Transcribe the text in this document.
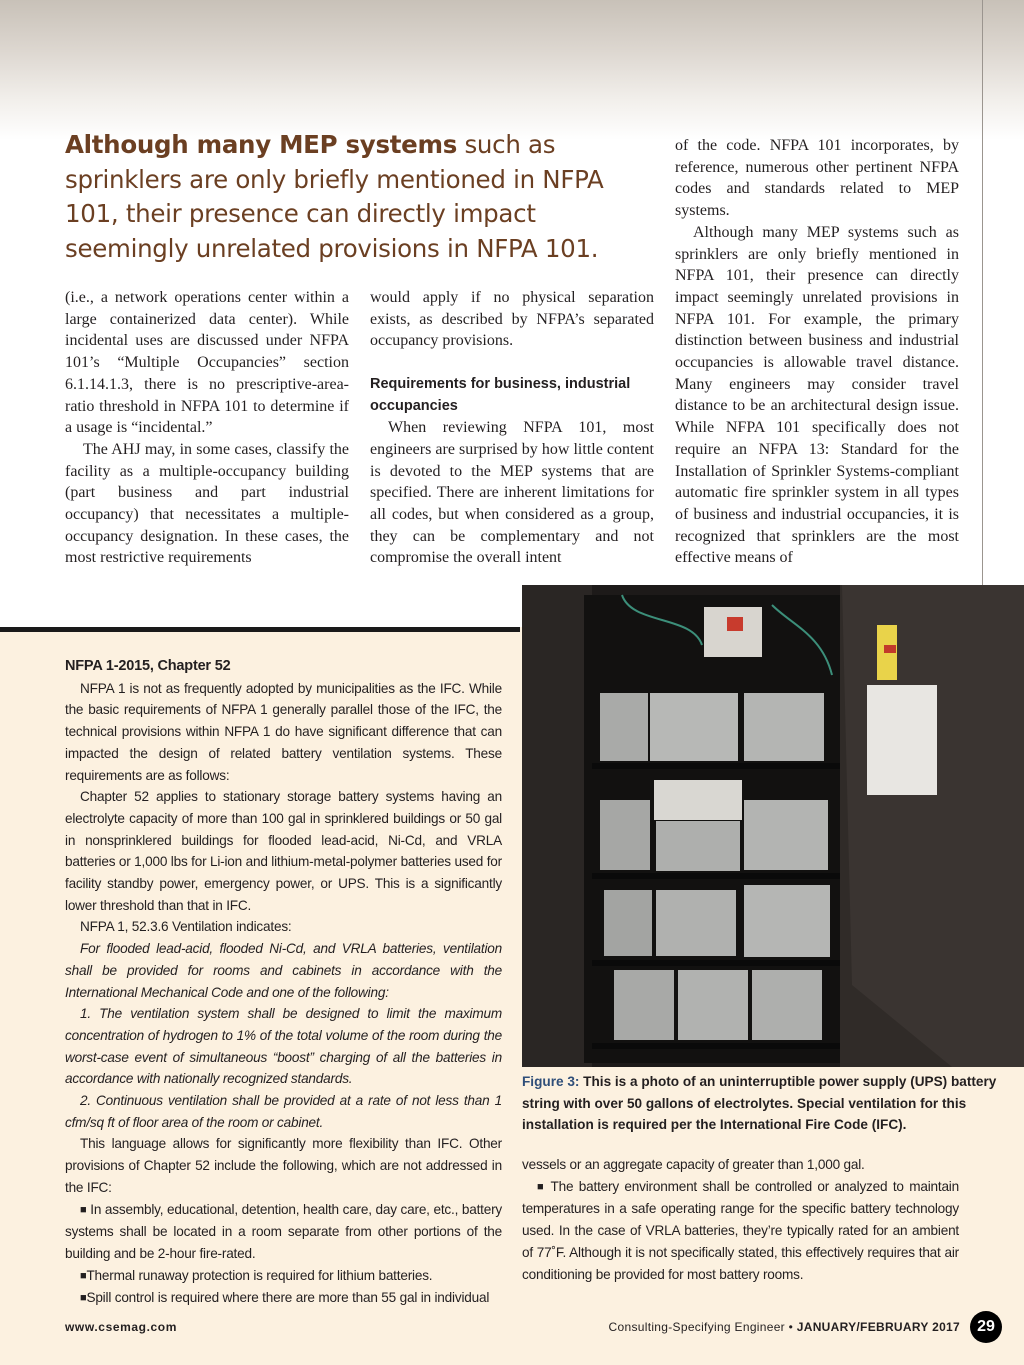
Although many MEP systems such as sprinklers are only briefly mentioned in NFPA 101, their presence can directly impact seemingly unrelated provisions in NFPA 101.

(i.e., a network operations center within a large containerized data center). While incidental uses are discussed under NFPA 101’s “Multiple Occupancies” section 6.1.14.1.3, there is no prescriptive-area-ratio threshold in NFPA 101 to determine if a usage is “incidental.”

The AHJ may, in some cases, classify the facility as a multiple-occupancy building (part business and part industrial occupancy) that necessitates a multiple-occupancy designation. In these cases, the most restrictive requirements

would apply if no physical separation exists, as described by NFPA’s separated occupancy provisions.

Requirements for business, industrial occupancies

When reviewing NFPA 101, most engineers are surprised by how little content is devoted to the MEP systems that are specified. There are inherent limitations for all codes, but when considered as a group, they can be complementary and not compromise the overall intent

of the code. NFPA 101 incorporates, by reference, numerous other pertinent NFPA codes and standards related to MEP systems.

Although many MEP systems such as sprinklers are only briefly mentioned in NFPA 101, their presence can directly impact seemingly unrelated provisions in NFPA 101. For example, the primary distinction between business and industrial occupancies is allowable travel distance. Many engineers may consider travel distance to be an architectural design issue. While NFPA 101 specifically does not require an NFPA 13: Standard for the Installation of Sprinkler Systems-compliant automatic fire sprinkler system in all types of business and industrial occupancies, it is recognized that sprinklers are the most effective means of

NFPA 1-2015, Chapter 52

NFPA 1 is not as frequently adopted by municipalities as the IFC. While the basic requirements of NFPA 1 generally parallel those of the IFC, the technical provisions within NFPA 1 do have significant difference that can impacted the design of related battery ventilation systems. These requirements are as follows:

Chapter 52 applies to stationary storage battery systems having an electrolyte capacity of more than 100 gal in sprinklered buildings or 50 gal in nonsprinklered buildings for flooded lead-acid, Ni-Cd, and VRLA batteries or 1,000 lbs for Li-ion and lithium-metal-polymer batteries used for facility standby power, emergency power, or UPS. This is a significantly lower threshold than that in IFC.

NFPA 1, 52.3.6 Ventilation indicates:

For flooded lead-acid, flooded Ni-Cd, and VRLA batteries, ventilation shall be provided for rooms and cabinets in accordance with the International Mechanical Code and one of the following:

1. The ventilation system shall be designed to limit the maximum concentration of hydrogen to 1% of the total volume of the room during the worst-case event of simultaneous “boost” charging of all the batteries in accordance with nationally recognized standards.

2. Continuous ventilation shall be provided at a rate of not less than 1 cfm/sq ft of floor area of the room or cabinet.

This language allows for significantly more flexibility than IFC. Other provisions of Chapter 52 include the following, which are not addressed in the IFC:

■ In assembly, educational, detention, health care, day care, etc., battery systems shall be located in a room separate from other portions of the building and be 2-hour fire-rated.

■Thermal runaway protection is required for lithium batteries.

■Spill control is required where there are more than 55 gal in individual

Figure 3: This is a photo of an uninterruptible power supply (UPS) battery string with over 50 gallons of electrolytes. Special ventilation for this installation is required per the International Fire Code (IFC).

vessels or an aggregate capacity of greater than 1,000 gal.

■ The battery environment shall be controlled or analyzed to maintain temperatures in a safe operating range for the specific battery technology used. In the case of VRLA batteries, they’re typically rated for an ambient of 77˚F. Although it is not specifically stated, this effectively requires that air conditioning be provided for most battery rooms.

www.csemag.com	Consulting-Specifying Engineer • JANUARY/FEBRUARY 2017	29
